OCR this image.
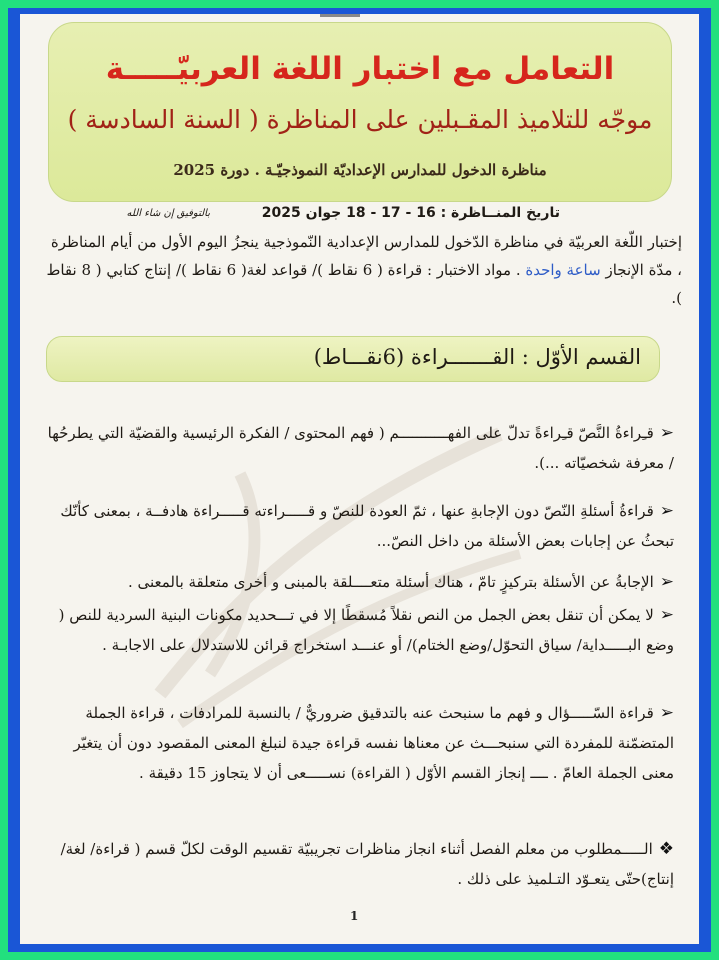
التعامل مع اختبار اللغة العربيّـــــة
موجّه للتلاميذ المقـبلين على المناظرة ( السنة السادسة )
مناظرة الدخول للمدارس الإعداديّة النموذجيّـة . دورة 2025
تاريخ المنــاظرة : 16 - 17 - 18 جوان 2025
بالتوفيق إن شاء الله
إختبار اللّغة العربيّة في مناظرة الدّخول للمدارس الإعدادية النّموذجية ينجزُ اليوم الأول من أيام المناظرة ، مدّة الإنجاز ساعة واحدة . مواد الاختبار : قراءة ( 6 نقاط )/ قواعد لغة( 6 نقاط )/ إنتاج كتابي ( 8 نقاط ).
القسم الأوّل : القـــــــراءة (6نقـــاط)
➢قـِراءةُ النَّصّ قـِراءةً تدلّ على الفهـــــــــــم ( فهم المحتوى / الفكرة الرئيسية والقضيّة التي يطرحُها / معرفة شخصيّاته ...).
➢قراءةُ أسئلةِ النّصّ دون الإجابةِ عنها ، ثمّ العودة للنصّ و قـــــراءته قـــــراءة هادفــة ، بمعنى كأنّك تبحثُ عن إجابات بعض الأسئلة من داخل النصّ...
➢الإجابةُ عن الأسئلة بتركيزٍ تامّ ، هناك أسئلة متعــــلقة بالمبنى و أخرى متعلقة بالمعنى .
➢لا يمكن أن تنقل بعض الجمل من النص نقلاً مُسقطًا إلا في تـــحديد مكونات البنية السردية للنص ( وضع البـــــداية/ سياق التحوّل/وضع الختام)/ أو عنـــد استخراج قرائن للاستدلال على الاجابـة .
➢قراءة السّـــــؤال و فهم ما سنبحث عنه بالتدقيق ضروريٌّ / بالنسبة للمرادفات ، قراءة الجملة المتضمّنة للمفردة التي سنبحـــث عن معناها نفسه قراءة جيدة لنبلغ المعنى المقصود دون أن يتغيّر معنى الجملة العامّ . ــــ إنجاز القسم الأوّل ( القراءة) نســـــعى أن لا يتجاوز 15 دقيقة .
❖الـــــمطلوب من معلم الفصل أثناء انجاز مناظرات تجريبيّة تقسيم الوقت لكلّ قسم ( قراءة/ لغة/ إنتاج)حتّى يتعـوّد التـلميذ على ذلك .
1
